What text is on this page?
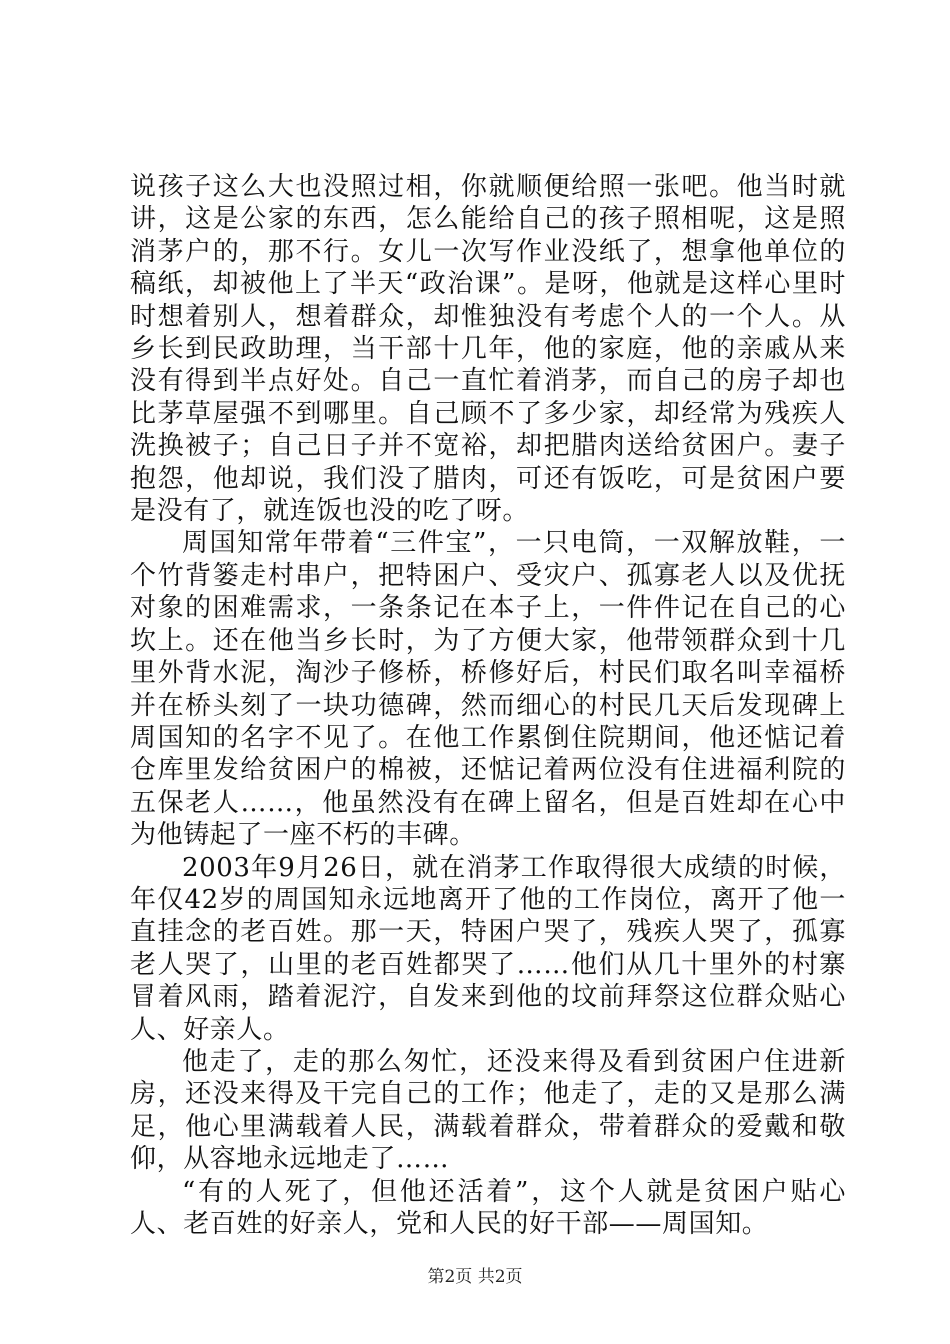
说孩子这么大也没照过相，你就顺便给照一张吧。他当时就讲，这是公家的东西，怎么能给自己的孩子照相呢，这是照消茅户的，那不行。女儿一次写作业没纸了，想拿他单位的稿纸，却被他上了半天“政治课”。是呀，他就是这样心里时时想着别人，想着群众，却惟独没有考虑个人的一个人。从乡长到民政助理，当干部十几年，他的家庭，他的亲戚从来没有得到半点好处。自己一直忙着消茅，而自己的房子却也比茅草屋强不到哪里。自己顾不了多少家，却经常为残疾人洗换被子；自己日子并不宽裕，却把腊肉送给贫困户。妻子抱怨，他却说，我们没了腊肉，可还有饭吃，可是贫困户要是没有了，就连饭也没的吃了呀。

周国知常年带着“三件宝”，一只电筒，一双解放鞋，一个竹背篓走村串户，把特困户、受灾户、孤寡老人以及优抚对象的困难需求，一条条记在本子上，一件件记在自己的心坎上。还在他当乡长时，为了方便大家，他带领群众到十几里外背水泥，淘沙子修桥，桥修好后，村民们取名叫幸福桥并在桥头刻了一块功德碑，然而细心的村民几天后发现碑上周国知的名字不见了。在他工作累倒住院期间，他还惦记着仓库里发给贫困户的棉被，还惦记着两位没有住进福利院的五保老人……，他虽然没有在碑上留名，但是百姓却在心中为他铸起了一座不朽的丰碑。

2003年9月26日，就在消茅工作取得很大成绩的时候，年仅42岁的周国知永远地离开了他的工作岗位，离开了他一直挂念的老百姓。那一天，特困户哭了，残疾人哭了，孤寡老人哭了，山里的老百姓都哭了……他们从几十里外的村寨冒着风雨，踏着泥泞，自发来到他的坟前拜祭这位群众贴心人、好亲人。

他走了，走的那么匆忙，还没来得及看到贫困户住进新房，还没来得及干完自己的工作；他走了，走的又是那么满足，他心里满载着人民，满载着群众，带着群众的爱戴和敬仰，从容地永远地走了……

“有的人死了，但他还活着”，这个人就是贫困户贴心人、老百姓的好亲人，党和人民的好干部——周国知。

第2页 共2页
